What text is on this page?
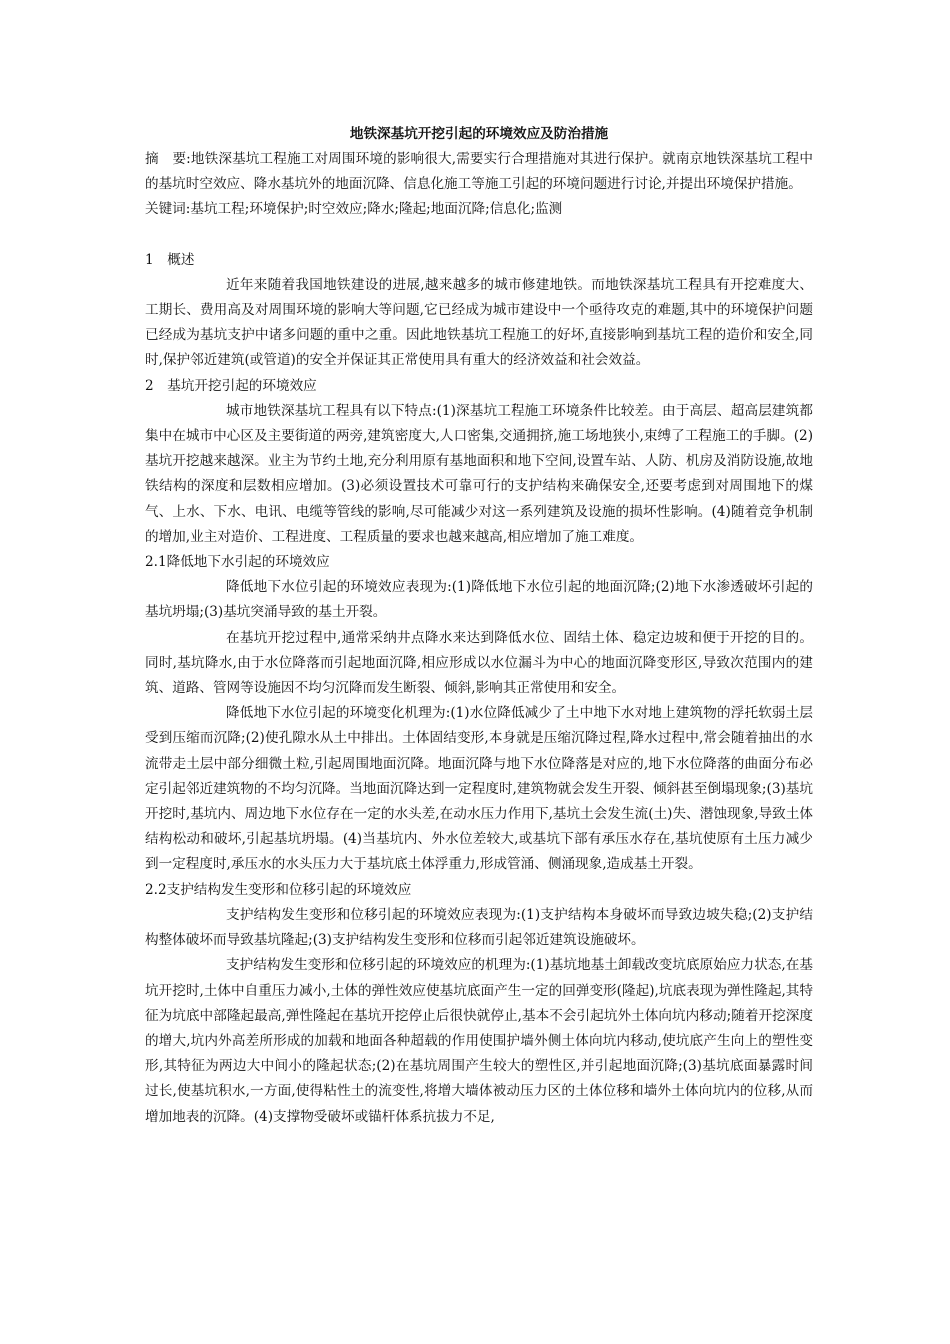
地铁深基坑开挖引起的环境效应及防治措施

摘　要:地铁深基坑工程施工对周围环境的影响很大,需要实行合理措施对其进行保护。就南京地铁深基坑工程中的基坑时空效应、降水基坑外的地面沉降、信息化施工等施工引起的环境问题进行讨论,并提出环境保护措施。

关键词:基坑工程;环境保护;时空效应;降水;隆起;地面沉降;信息化;监测

1　概述

近年来随着我国地铁建设的进展,越来越多的城市修建地铁。而地铁深基坑工程具有开挖难度大、工期长、费用高及对周围环境的影响大等问题,它已经成为城市建设中一个亟待攻克的难题,其中的环境保护问题已经成为基坑支护中诸多问题的重中之重。因此地铁基坑工程施工的好坏,直接影响到基坑工程的造价和安全,同时,保护邻近建筑(或管道)的安全并保证其正常使用具有重大的经济效益和社会效益。

2　基坑开挖引起的环境效应

城市地铁深基坑工程具有以下特点:(1)深基坑工程施工环境条件比较差。由于高层、超高层建筑都集中在城市中心区及主要街道的两旁,建筑密度大,人口密集,交通拥挤,施工场地狭小,束缚了工程施工的手脚。(2)基坑开挖越来越深。业主为节约土地,充分利用原有基地面积和地下空间,设置车站、人防、机房及消防设施,故地铁结构的深度和层数相应增加。(3)必须设置技术可靠可行的支护结构来确保安全,还要考虑到对周围地下的煤气、上水、下水、电讯、电缆等管线的影响,尽可能减少对这一系列建筑及设施的损坏性影响。(4)随着竞争机制的增加,业主对造价、工程进度、工程质量的要求也越来越高,相应增加了施工难度。

2.1降低地下水引起的环境效应

降低地下水位引起的环境效应表现为:(1)降低地下水位引起的地面沉降;(2)地下水渗透破坏引起的基坑坍塌;(3)基坑突涌导致的基土开裂。

在基坑开挖过程中,通常采纳井点降水来达到降低水位、固结土体、稳定边坡和便于开挖的目的。同时,基坑降水,由于水位降落而引起地面沉降,相应形成以水位漏斗为中心的地面沉降变形区,导致次范围内的建筑、道路、管网等设施因不均匀沉降而发生断裂、倾斜,影响其正常使用和安全。

降低地下水位引起的环境变化机理为:(1)水位降低减少了土中地下水对地上建筑物的浮托软弱土层受到压缩而沉降;(2)使孔隙水从土中排出。土体固结变形,本身就是压缩沉降过程,降水过程中,常会随着抽出的水流带走土层中部分细微土粒,引起周围地面沉降。地面沉降与地下水位降落是对应的,地下水位降落的曲面分布必定引起邻近建筑物的不均匀沉降。当地面沉降达到一定程度时,建筑物就会发生开裂、倾斜甚至倒塌现象;(3)基坑开挖时,基坑内、周边地下水位存在一定的水头差,在动水压力作用下,基坑土会发生流(土)失、潜蚀现象,导致土体结构松动和破坏,引起基坑坍塌。(4)当基坑内、外水位差较大,或基坑下部有承压水存在,基坑使原有土压力减少到一定程度时,承压水的水头压力大于基坑底土体浮重力,形成管涌、侧涌现象,造成基土开裂。

2.2支护结构发生变形和位移引起的环境效应

支护结构发生变形和位移引起的环境效应表现为:(1)支护结构本身破坏而导致边坡失稳;(2)支护结构整体破坏而导致基坑隆起;(3)支护结构发生变形和位移而引起邻近建筑设施破坏。

支护结构发生变形和位移引起的环境效应的机理为:(1)基坑地基土卸载改变坑底原始应力状态,在基坑开挖时,土体中自重压力减小,土体的弹性效应使基坑底面产生一定的回弹变形(隆起),坑底表现为弹性隆起,其特征为坑底中部隆起最高,弹性隆起在基坑开挖停止后很快就停止,基本不会引起坑外土体向坑内移动;随着开挖深度的增大,坑内外高差所形成的加载和地面各种超载的作用使围护墙外侧土体向坑内移动,使坑底产生向上的塑性变形,其特征为两边大中间小的隆起状态;(2)在基坑周围产生较大的塑性区,并引起地面沉降;(3)基坑底面暴露时间过长,使基坑积水,一方面,使得粘性土的流变性,将增大墙体被动压力区的土体位移和墙外土体向坑内的位移,从而增加地表的沉降。(4)支撑物受破坏或锚杆体系抗拔力不足,
